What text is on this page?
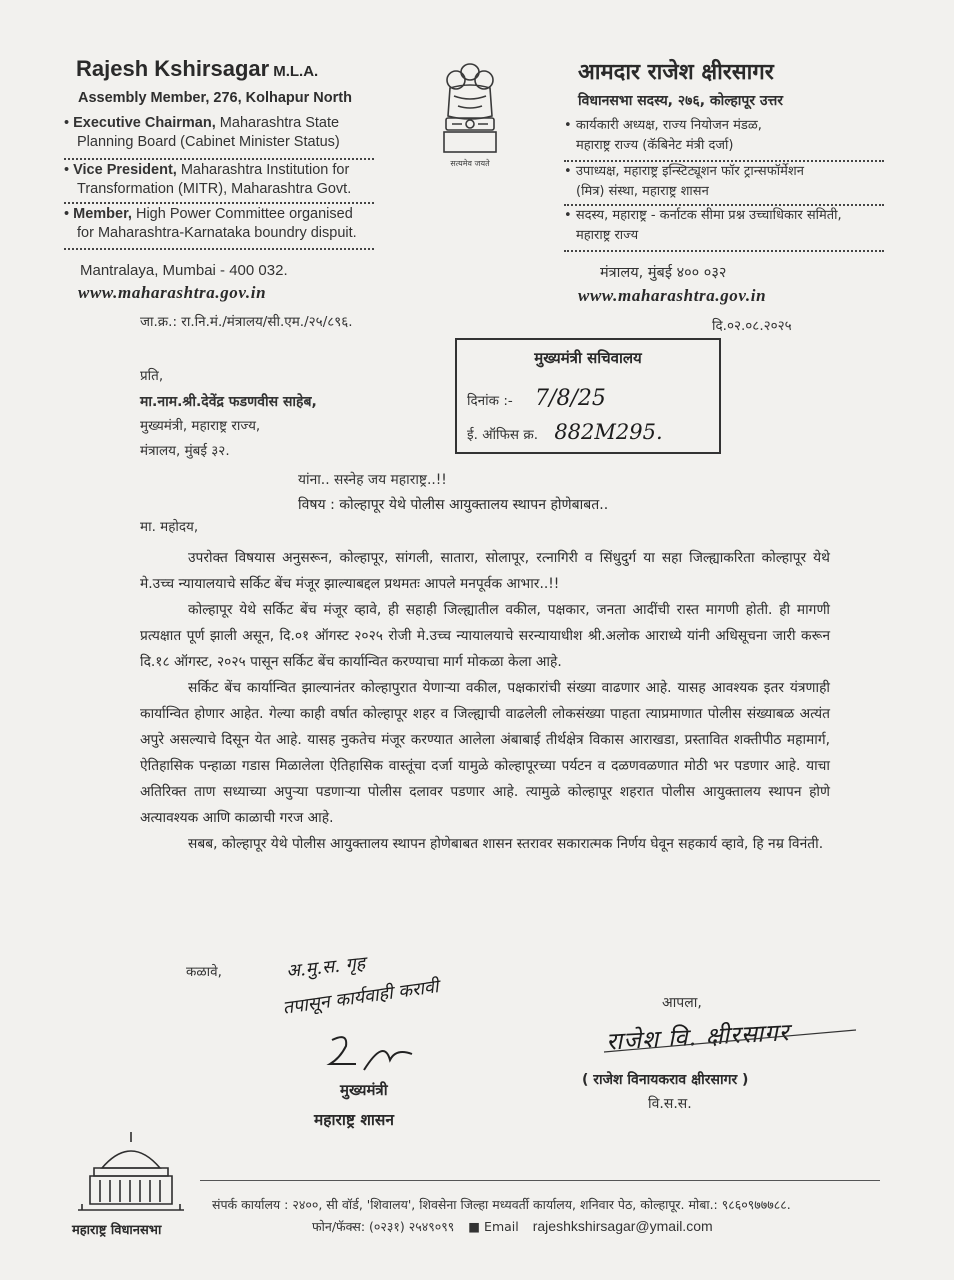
Rajesh Kshirsagar M.L.A.
Assembly Member, 276, Kolhapur North
• Executive Chairman, Maharashtra State
Planning Board (Cabinet Minister Status)
• Vice President, Maharashtra Institution for
Transformation (MITR), Maharashtra Govt.
• Member, High Power Committee organised
for Maharashtra-Karnataka boundry dispuit.
Mantralaya, Mumbai - 400 032.
www.maharashtra.gov.in
सत्यमेव जयते
आमदार राजेश क्षीरसागर
विधानसभा सदस्य, २७६, कोल्हापूर उत्तर
• कार्यकारी अध्यक्ष, राज्य नियोजन मंडळ,
महाराष्ट्र राज्य (कॅबिनेट मंत्री दर्जा)
• उपाध्यक्ष, महाराष्ट्र इन्स्टिट्यूशन फॉर ट्रान्सफॉर्मेशन
(मित्र) संस्था, महाराष्ट्र शासन
• सदस्य, महाराष्ट्र - कर्नाटक सीमा प्रश्न उच्चाधिकार समिती,
महाराष्ट्र राज्य
मंत्रालय, मुंबई ४०० ०३२
www.maharashtra.gov.in
जा.क्र.: रा.नि.मं./मंत्रालय/सी.एम./२५/८९६.	दि.०२.०८.२०२५
मुख्यमंत्री सचिवालय
दिनांक :- 7/8/25
ई. ऑफिस क्र. 882M295.
प्रति,
मा.नाम.श्री.देवेंद्र फडणवीस साहेब,
मुख्यमंत्री, महाराष्ट्र राज्य,
मंत्रालय, मुंबई ३२.
यांना.. सस्नेह जय महाराष्ट्र..!!
विषय : कोल्हापूर येथे पोलीस आयुक्तालय स्थापन होणेबाबत..
मा. महोदय,

उपरोक्त विषयास अनुसरून, कोल्हापूर, सांगली, सातारा, सोलापूर, रत्नागिरी व सिंधुदुर्ग या सहा जिल्ह्याकरिता कोल्हापूर येथे मे.उच्च न्यायालयाचे सर्किट बेंच मंजूर झाल्याबद्दल प्रथमतः आपले मनपूर्वक आभार..!!

कोल्हापूर येथे सर्किट बेंच मंजूर व्हावे, ही सहाही जिल्ह्यातील वकील, पक्षकार, जनता आदींची रास्त मागणी होती. ही मागणी प्रत्यक्षात पूर्ण झाली असून, दि.०१ ऑगस्ट २०२५ रोजी मे.उच्च न्यायालयाचे सरन्यायाधीश श्री.अलोक आराध्ये यांनी अधिसूचना जारी करून दि.१८ ऑगस्ट, २०२५ पासून सर्किट बेंच कार्यान्वित करण्याचा मार्ग मोकळा केला आहे.

सर्किट बेंच कार्यान्वित झाल्यानंतर कोल्हापुरात येणाऱ्या वकील, पक्षकारांची संख्या वाढणार आहे. यासह आवश्यक इतर यंत्रणाही कार्यान्वित होणार आहेत. गेल्या काही वर्षात कोल्हापूर शहर व जिल्ह्याची वाढलेली लोकसंख्या पाहता त्याप्रमाणात पोलीस संख्याबळ अत्यंत अपुरे असल्याचे दिसून येत आहे. यासह नुकतेच मंजूर करण्यात आलेला अंबाबाई तीर्थक्षेत्र विकास आराखडा, प्रस्तावित शक्तीपीठ महामार्ग, ऐतिहासिक पन्हाळा गडास मिळालेला ऐतिहासिक वास्तूंचा दर्जा यामुळे कोल्हापूरच्या पर्यटन व दळणवळणात मोठी भर पडणार आहे. याचा अतिरिक्त ताण सध्याच्या अपुऱ्या पडणाऱ्या पोलीस दलावर पडणार आहे. त्यामुळे कोल्हापूर शहरात पोलीस आयुक्तालय स्थापन होणे अत्यावश्यक आणि काळाची गरज आहे.

सबब, कोल्हापूर येथे पोलीस आयुक्तालय स्थापन होणेबाबत शासन स्तरावर सकारात्मक निर्णय घेवून सहकार्य व्हावे, हि नम्र विनंती.

कळावे,	अ.मु.स. गृह
तपासून कार्यवाही करावी
मुख्यमंत्री
महाराष्ट्र शासन
आपला,
राजेश वि. क्षीरसागर
( राजेश विनायकराव क्षीरसागर )
वि.स.स.
महाराष्ट्र विधानसभा
संपर्क कार्यालय : २४००, सी वॉर्ड, 'शिवालय', शिवसेना जिल्हा मध्यवर्ती कार्यालय, शनिवार पेठ, कोल्हापूर. मोबा.: ९८६०९७७७८८.
फोन/फॅक्स: (०२३१) २५४९०९९ ■ Email rajeshkshirsagar@ymail.com
